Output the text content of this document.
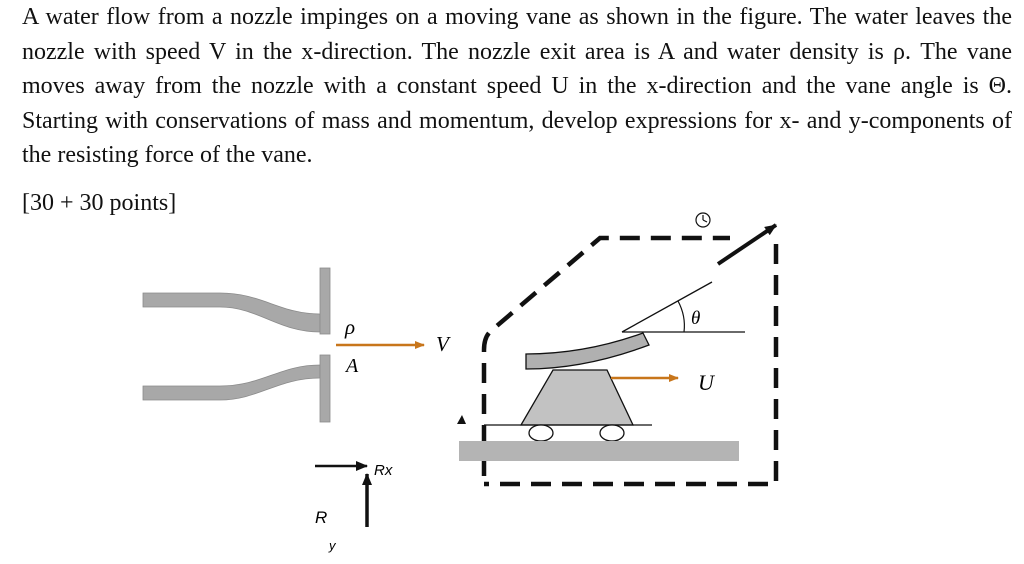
A water flow from a nozzle impinges on a moving vane as shown in the figure. The water leaves the nozzle with speed V in the x-direction. The nozzle exit area is A and water density is ρ. The vane moves away from the nozzle with a constant speed U in the x-direction and the vane angle is Θ. Starting with conservations of mass and momentum, develop expressions for x- and y-components of the resisting force of the vane.

[30 + 30 points]

ρ
A
V
θ
U
Rx
R
y
